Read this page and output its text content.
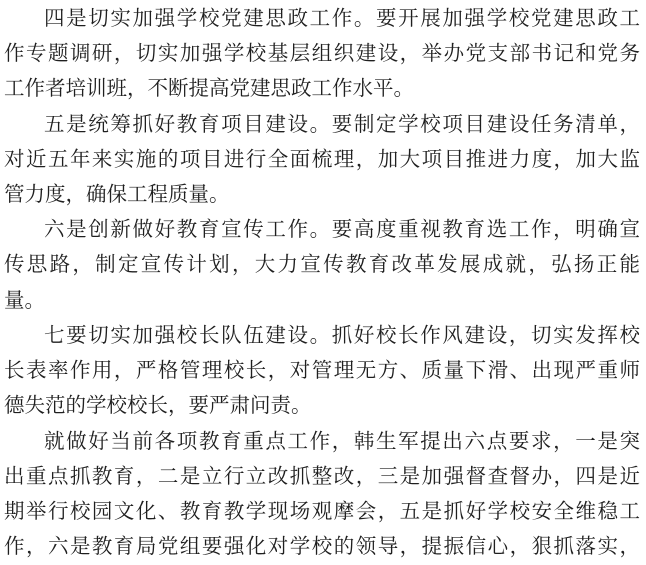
四是切实加强学校党建思政工作。要开展加强学校党建思政工
作专题调研，切实加强学校基层组织建设，举办党支部书记和党务
工作者培训班，不断提高党建思政工作水平。
五是统筹抓好教育项目建设。要制定学校项目建设任务清单，
对近五年来实施的项目进行全面梳理，加大项目推进力度，加大监
管力度，确保工程质量。
六是创新做好教育宣传工作。要高度重视教育选工作，明确宣
传思路，制定宣传计划，大力宣传教育改革发展成就，弘扬正能
量。
七要切实加强校长队伍建设。抓好校长作风建设，切实发挥校
长表率作用，严格管理校长，对管理无方、质量下滑、出现严重师
德失范的学校校长，要严肃问责。
就做好当前各项教育重点工作，韩生军提出六点要求，一是突
出重点抓教育，二是立行立改抓整改，三是加强督查督办，四是近
期举行校园文化、教育教学现场观摩会，五是抓好学校安全维稳工
作，六是教育局党组要强化对学校的领导，提振信心，狠抓落实，
